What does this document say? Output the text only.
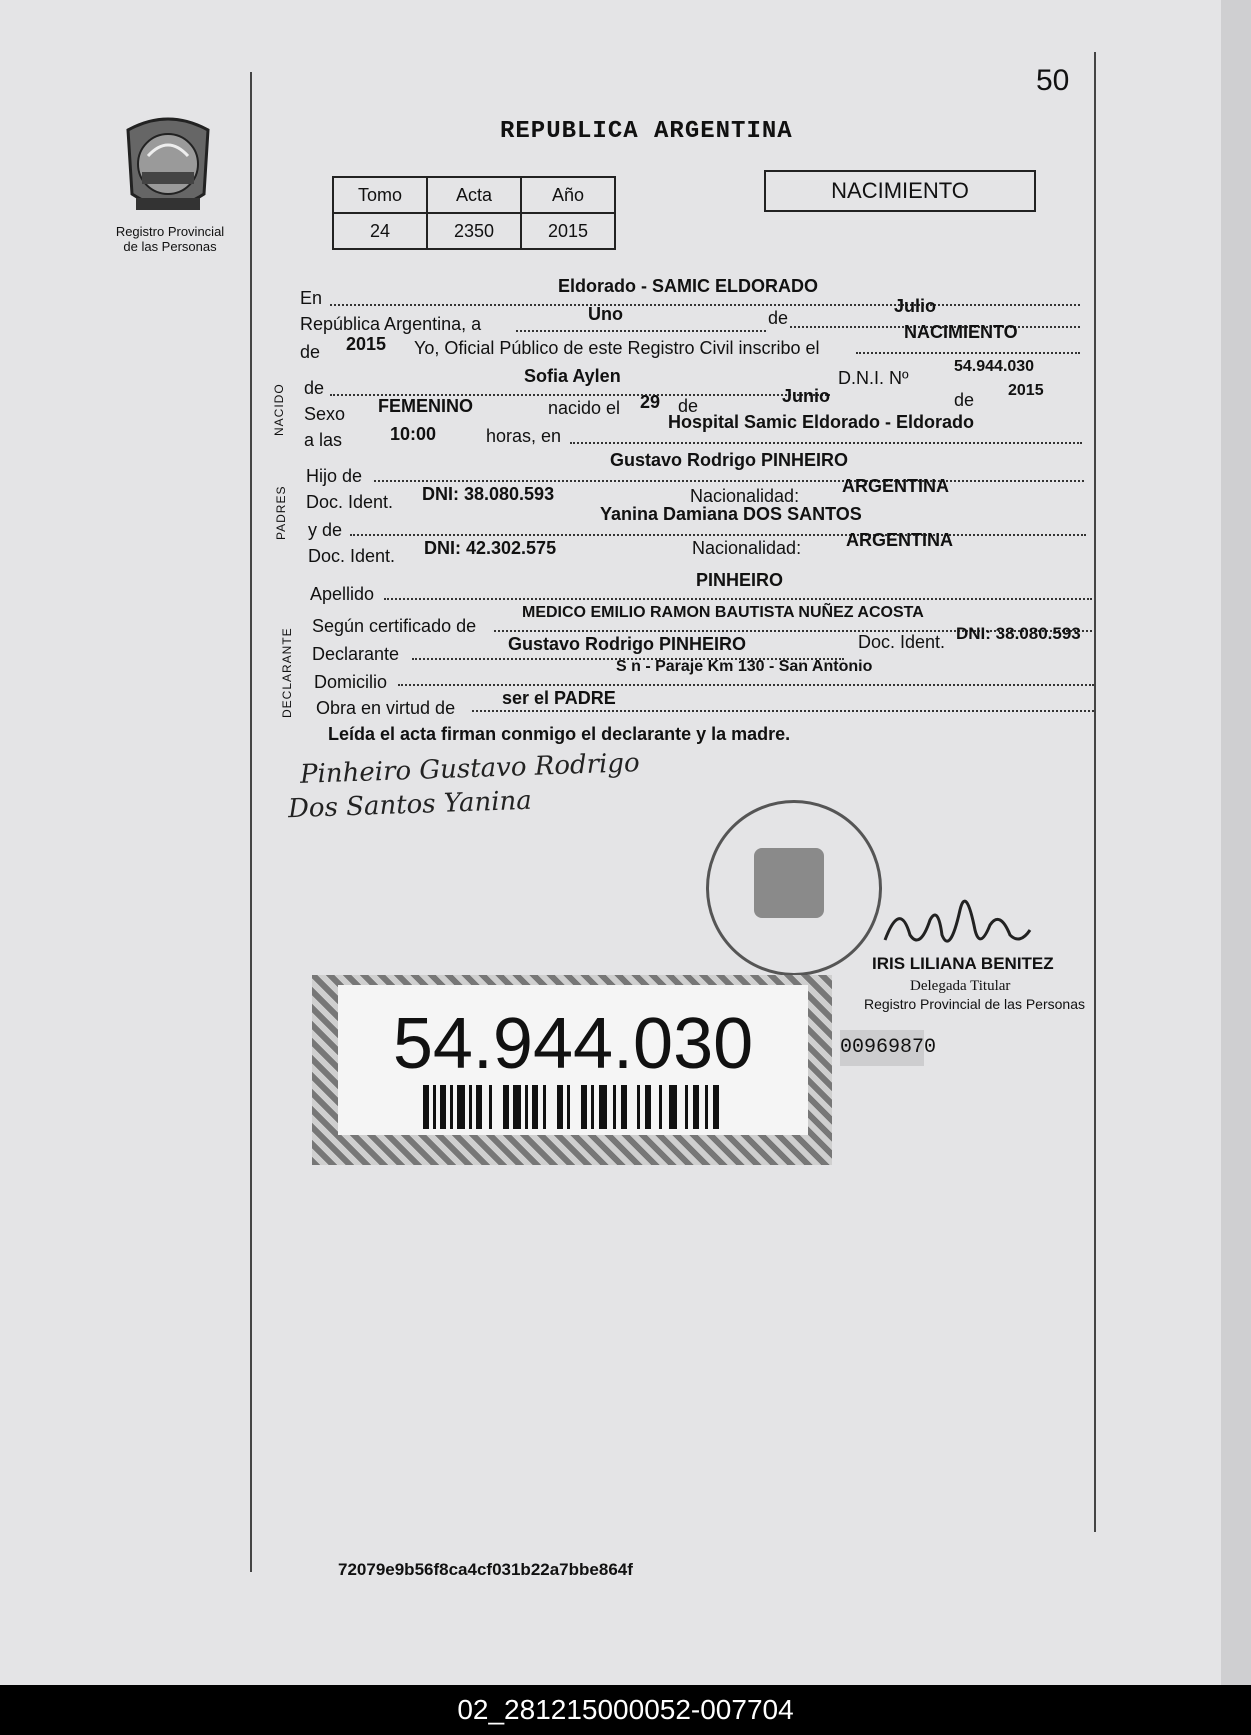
50
Registro Provincial
de las Personas
REPUBLICA ARGENTINA
Tomo	Acta	Año
24	2350	2015
NACIMIENTO
En
Eldorado - SAMIC ELDORADO
República Argentina, a	Uno	de
Julio
de 2015 Yo, Oficial Público de este Registro Civil inscribo el
NACIMIENTO
NACIDO de
Sofia Aylen	D.N.I. Nº
54.944.030
Sexo FEMENINO	nacido el 29 de	Junio	de 2015
a las	10:00	horas, en
Hospital Samic Eldorado - Eldorado
PADRES
Hijo de
Gustavo Rodrigo PINHEIRO
Doc. Ident. DNI: 38.080.593	Nacionalidad: ARGENTINA
y de
Yanina Damiana DOS SANTOS
Doc. Ident. DNI: 42.302.575	Nacionalidad: ARGENTINA
Apellido
PINHEIRO
DECLARANTE
Según certificado de
MEDICO EMILIO RAMON BAUTISTA NUÑEZ ACOSTA
Declarante	Gustavo Rodrigo PINHEIRO	Doc. Ident. DNI: 38.080.593
Domicilio
S n - Paraje Km 130 - San Antonio
Obra en virtud de	ser el PADRE
Leída el acta firman conmigo el declarante y la madre.
Pinheiro Gustavo Rodrigo
Dos Santos Yanina
IRIS LILIANA BENITEZ
Delegada Titular
Registro Provincial de las Personas
00969870
54.944.030
72079e9b56f8ca4cf031b22a7bbe864f
02_281215000052-007704
